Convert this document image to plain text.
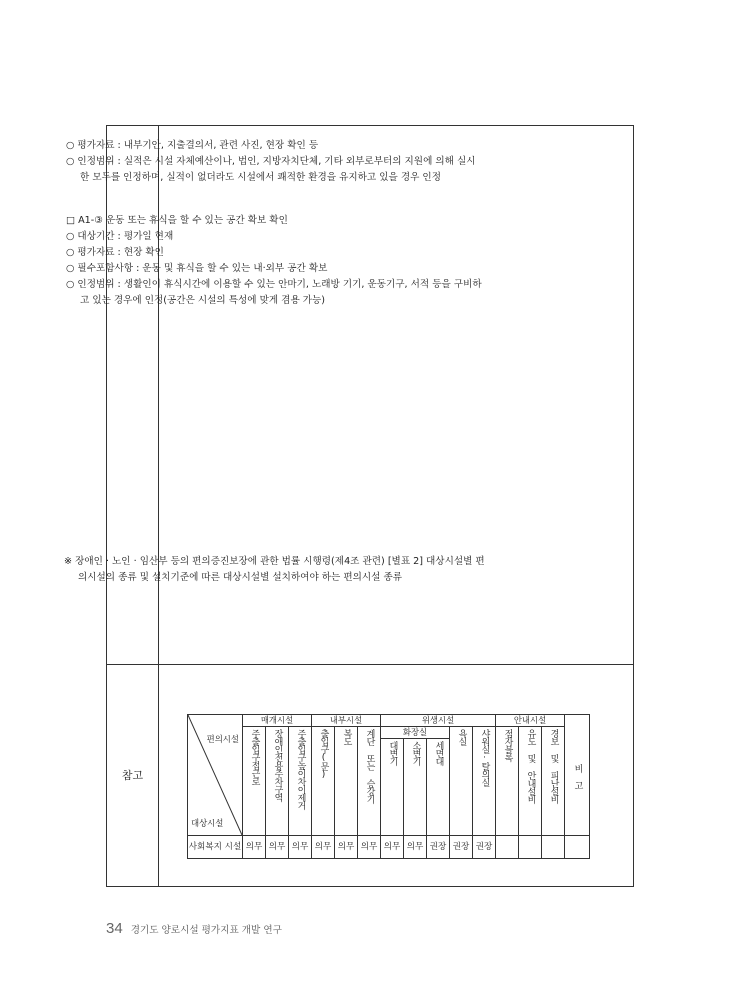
참고
○ 평가자료 : 내부기안, 지출결의서, 관련 사진, 현장 확인 등
○ 인정범위 : 실적은 시설 자체예산이나, 법인, 지방자치단체, 기타 외부로부터의 지원에 의해 실시
한 모두를 인정하며, 실적이 없더라도 시설에서 쾌적한 환경을 유지하고 있을 경우 인정
□ A1-③ 운동 또는 휴식을 할 수 있는 공간 확보 확인
○ 대상기간 : 평가일 현재
○ 평가자료 : 현장 확인
○ 필수포함사항 : 운동 및 휴식을 할 수 있는 내·외부 공간 확보
○ 인정범위 : 생활인이 휴식시간에 이용할 수 있는 안마기, 노래방 기기, 운동기구, 서적 등을 구비하
고 있는 경우에 인정(공간은 시설의 특성에 맞게 겸용 가능)
※ 장애인 · 노인 · 임산부 등의 편의증진보장에 관한 법률 시행령(제4조 관련) [별표 2] 대상시설별 편
의시설의 종류 및 설치기준에 따른 대상시설별 설치하여야 하는 편의시설 종류
편의시설
대상시설	매개시설			내부시설			위생시설					안내시설			비 고

	주출입구접근로	장애인전용주차구역	주출입구높이차이제거	출입구(문)	복도	계단 또는 승강기	화장실			욕실	샤워실·탈의실	점자블록	유도 및 안내설비	경보 및 피난설비	

							대변기	소변기	세면대						

사회복지 시설	의무	의무	의무	의무	의무	의무	의무	의무	권장	권장	권장				
34 경기도 양로시설 평가지표 개발 연구
